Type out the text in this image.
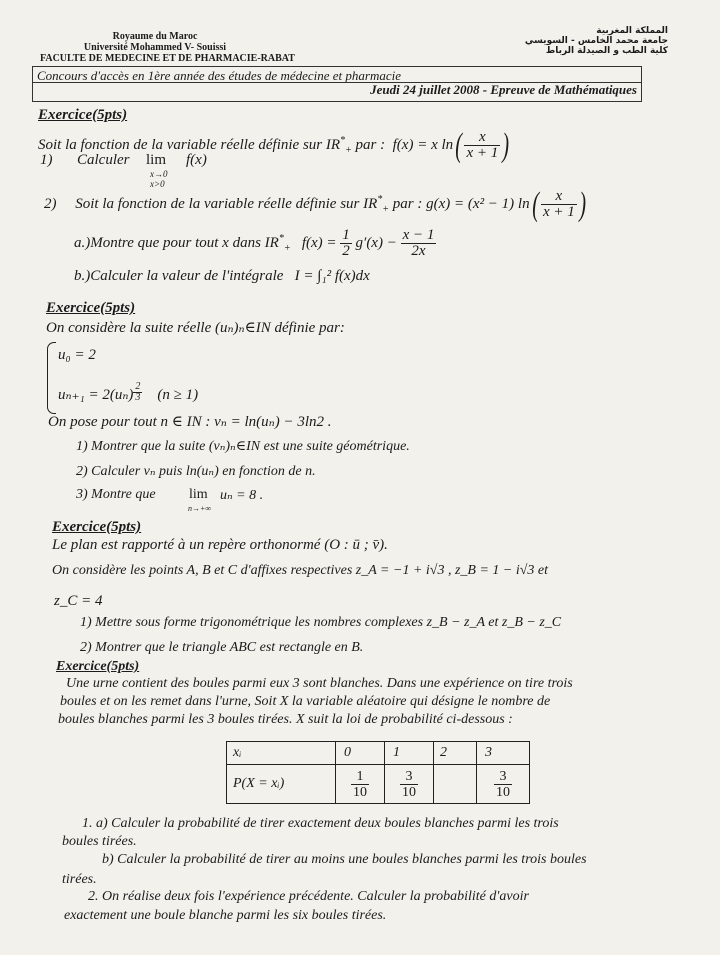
Royaume du Maroc
Université Mohammed V- Souissi
FACULTE DE MEDECINE ET DE PHARMACIE-RABAT
المملكة المغربية
جامعة محمد الخامس - السويسي
كلية الطب و الصيدلة الرباط
Concours d'accès en 1ère année des études de médecine et pharmacie
Jeudi 24 juillet 2008 - Epreuve de Mathématiques
Exercice(5pts)
Soit la fonction de la variable réelle définie sur $IR^*_+$ par : f(x) = x $\ln( \frac{x}{x + 1}$ )
1) Calculer lim
x→0
x>0
f(x)
2) Soit la fonction de la variable réelle définie sur $IR^*_+$ par : g(x) = (x² − 1) $\ln( \frac{x}{x + 1}$ )
a.)Montre que pour tout x dans $IR^*_+$ $f(x) = \frac{1}{2} g'(x) - \frac{x - 1}{2x}$
b.)Calculer la valeur de l'intégrale I = ∫₁² f(x)dx
Exercice(5pts)
On considère la suite réelle (uₙ)ₙ∈IN définie par:
u₀ = 2
$u_{n+1} = 2(u_n) \frac{2}{3} (n \ge 1)$
On pose pour tout n ∈ IN : vₙ = ln(uₙ) − 3ln2 .
1) Montrer que la suite (vₙ)ₙ∈IN est une suite géométrique.
2) Calculer vₙ puis ln(uₙ) en fonction de n.
3) Montre que lim
n→+∞
uₙ = 8 .
Exercice(5pts)
Le plan est rapporté à un repère orthonormé (O : ū ; v̄).
On considère les points A, B et C d'affixes respectives z_A = −1 + i√3 , z_B = 1 − i√3 et
z_C = 4
1) Mettre sous forme trigonométrique les nombres complexes z_B − z_A et z_B − z_C
2) Montrer que le triangle ABC est rectangle en B.
Exercice(5pts)
Une urne contient des boules parmi eux 3 sont blanches. Dans une expérience on tire trois
boules et on les remet dans l'urne, Soit X la variable aléatoire qui désigne le nombre de
boules blanches parmi les 3 boules tirées. X suit la loi de probabilité ci-dessous :
xᵢ	0	1	2	3
P(X = xᵢ)	$\frac{1}{10}$	$\frac{3}{10}$		$\frac{3}{10}$
1. a) Calculer la probabilité de tirer exactement deux boules blanches parmi les trois
boules tirées.
b) Calculer la probabilité de tirer au moins une boules blanches parmi les trois boules
tirées.
2. On réalise deux fois l'expérience précédente. Calculer la probabilité d'avoir
exactement une boule blanche parmi les six boules tirées.
